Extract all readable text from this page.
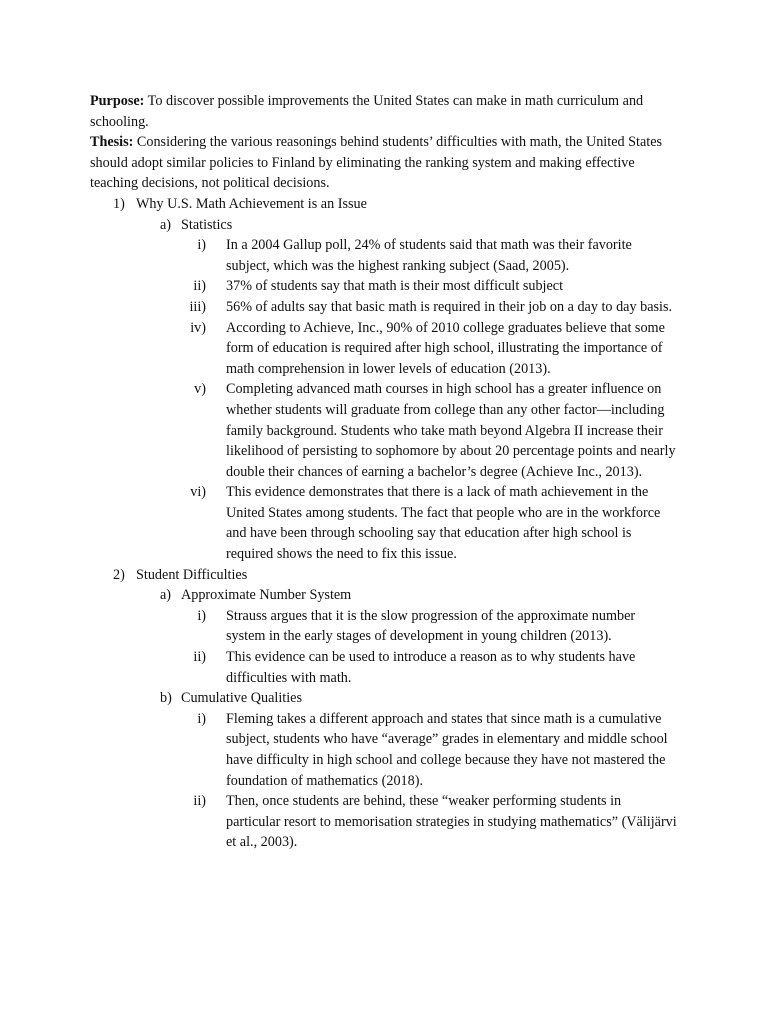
Purpose: To discover possible improvements the United States can make in math curriculum and schooling.

Thesis: Considering the various reasonings behind students’ difficulties with math, the United States should adopt similar policies to Finland by eliminating the ranking system and making effective teaching decisions, not political decisions.

1) Why U.S. Math Achievement is an Issue
a) Statistics
i) In a 2004 Gallup poll, 24% of students said that math was their favorite subject, which was the highest ranking subject (Saad, 2005).
ii) 37% of students say that math is their most difficult subject
iii) 56% of adults say that basic math is required in their job on a day to day basis.
iv) According to Achieve, Inc., 90% of 2010 college graduates believe that some form of education is required after high school, illustrating the importance of math comprehension in lower levels of education (2013).
v) Completing advanced math courses in high school has a greater influence on whether students will graduate from college than any other factor—including family background. Students who take math beyond Algebra II increase their likelihood of persisting to sophomore by about 20 percentage points and nearly double their chances of earning a bachelor’s degree (Achieve Inc., 2013).
vi) This evidence demonstrates that there is a lack of math achievement in the United States among students. The fact that people who are in the workforce and have been through schooling say that education after high school is required shows the need to fix this issue.
2) Student Difficulties
a) Approximate Number System
i) Strauss argues that it is the slow progression of the approximate number system in the early stages of development in young children (2013).
ii) This evidence can be used to introduce a reason as to why students have difficulties with math.
b) Cumulative Qualities
i) Fleming takes a different approach and states that since math is a cumulative subject, students who have “average” grades in elementary and middle school have difficulty in high school and college because they have not mastered the foundation of mathematics (2018).
ii) Then, once students are behind, these “weaker performing students in particular resort to memorisation strategies in studying mathematics” (Välijärvi et al., 2003).
